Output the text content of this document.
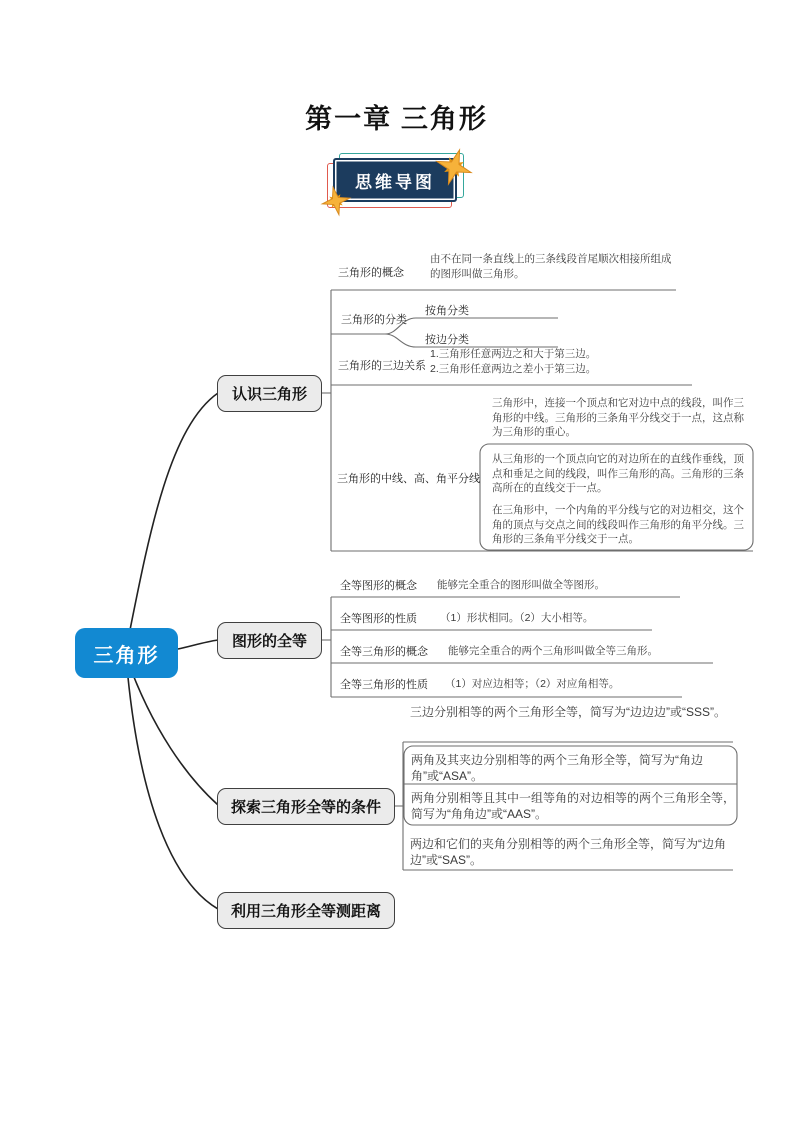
第一章 三角形
思维导图
三角形
认识三角形
图形的全等
探索三角形全等的条件
利用三角形全等测距离
三角形的概念
由不在同一条直线上的三条线段首尾顺次相接所组成的图形叫做三角形。
三角形的分类
按角分类
按边分类
三角形的三边关系
1.三角形任意两边之和大于第三边。
2.三角形任意两边之差小于第三边。
三角形的中线、高、角平分线
三角形中，连接一个顶点和它对边中点的线段，叫作三角形的中线。三角形的三条角平分线交于一点，这点称为三角形的重心。
从三角形的一个顶点向它的对边所在的直线作垂线，顶点和垂足之间的线段，叫作三角形的高。三角形的三条高所在的直线交于一点。
在三角形中，一个内角的平分线与它的对边相交，这个角的顶点与交点之间的线段叫作三角形的角平分线。三角形的三条角平分线交于一点。
全等图形的概念 能够完全重合的图形叫做全等图形。
全等图形的性质 （1）形状相同。（2）大小相等。
全等三角形的概念 能够完全重合的两个三角形叫做全等三角形。
全等三角形的性质 （1）对应边相等；（2）对应角相等。
三边分别相等的两个三角形全等，简写为“边边边”或“SSS”。
两角及其夹边分别相等的两个三角形全等，简写为“角边角”或“ASA”。
两角分别相等且其中一组等角的对边相等的两个三角形全等，简写为“角角边”或“AAS”。
两边和它们的夹角分别相等的两个三角形全等，简写为“边角边”或“SAS”。
